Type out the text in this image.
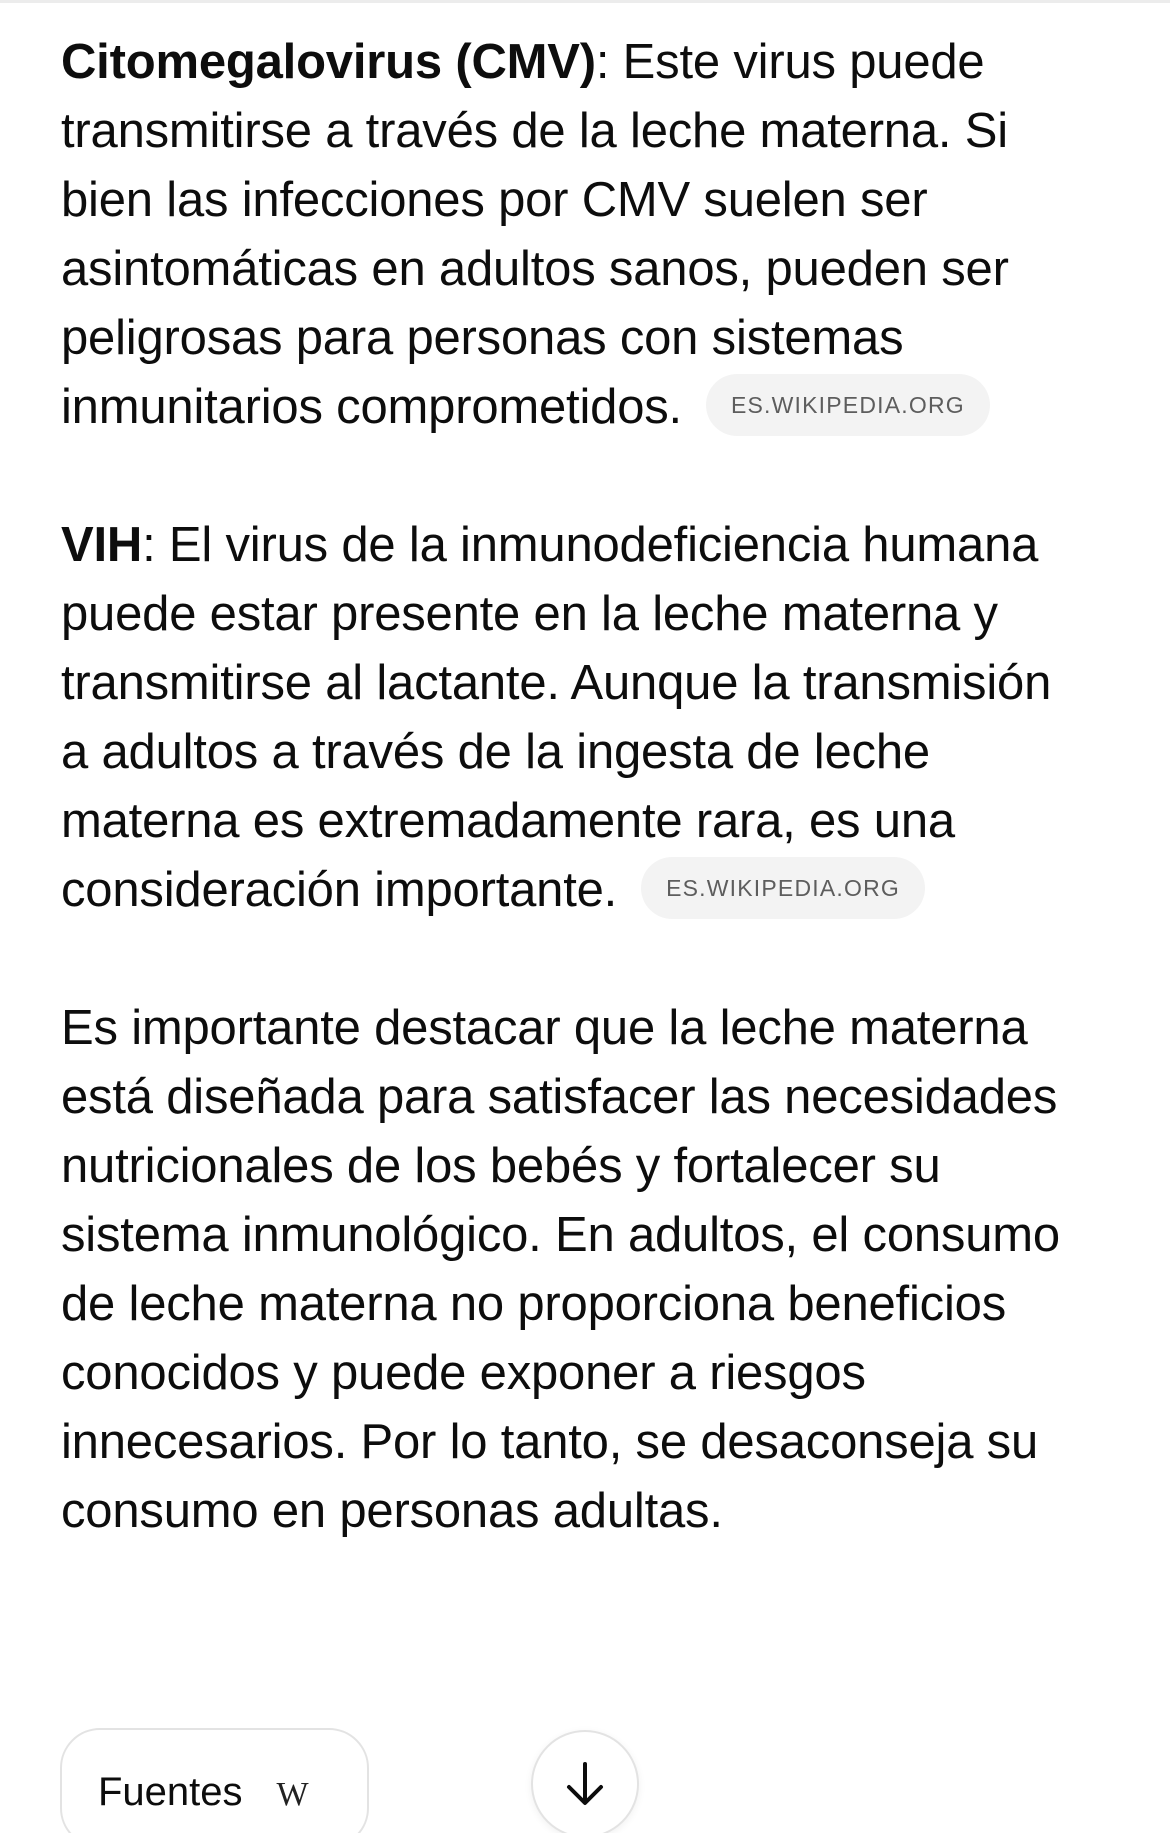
Citomegalovirus (CMV): Este virus puede transmitirse a través de la leche materna. Si bien las infecciones por CMV suelen ser asintomáticas en adultos sanos, pueden ser peligrosas para personas con sistemas inmunitarios comprometidos. ES.WIKIPEDIA.ORG

VIH: El virus de la inmunodeficiencia humana puede estar presente en la leche materna y transmitirse al lactante. Aunque la transmisión a adultos a través de la ingesta de leche materna es extremadamente rara, es una consideración importante. ES.WIKIPEDIA.ORG

Es importante destacar que la leche materna está diseñada para satisfacer las necesidades nutricionales de los bebés y fortalecer su sistema inmunológico. En adultos, el consumo de leche materna no proporciona beneficios conocidos y puede exponer a riesgos innecesarios. Por lo tanto, se desaconseja su consumo en personas adultas.

Fuentes W
